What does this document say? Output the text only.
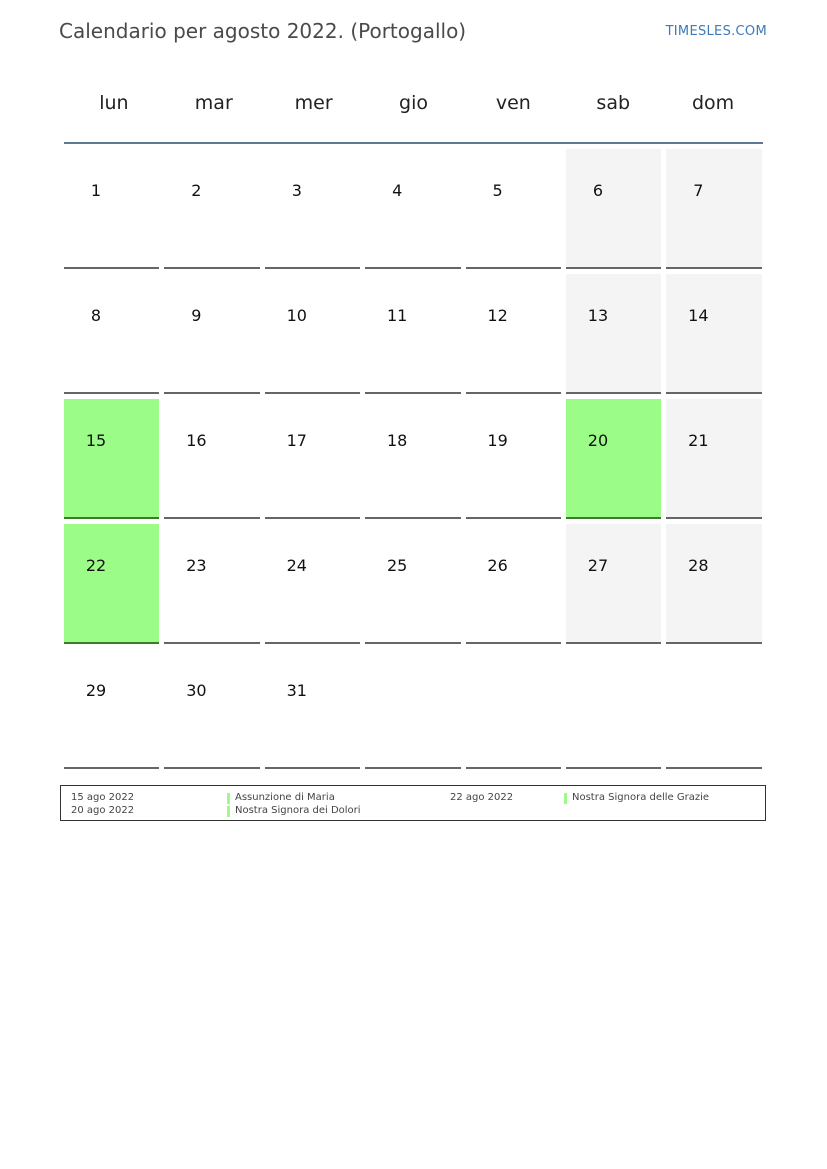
Calendario per agosto 2022. (Portogallo)	TIMESLES.COM
lun	mar	mer	gio	ven	sab	dom
1	2	3	4	5	6	7
8	9	10	11	12	13	14
15	16	17	18	19	20	21
22	23	24	25	26	27	28
29	30	31
15 ago 2022	Assunzione di Maria
20 ago 2022	Nostra Signora dei Dolori
22 ago 2022	Nostra Signora delle Grazie
